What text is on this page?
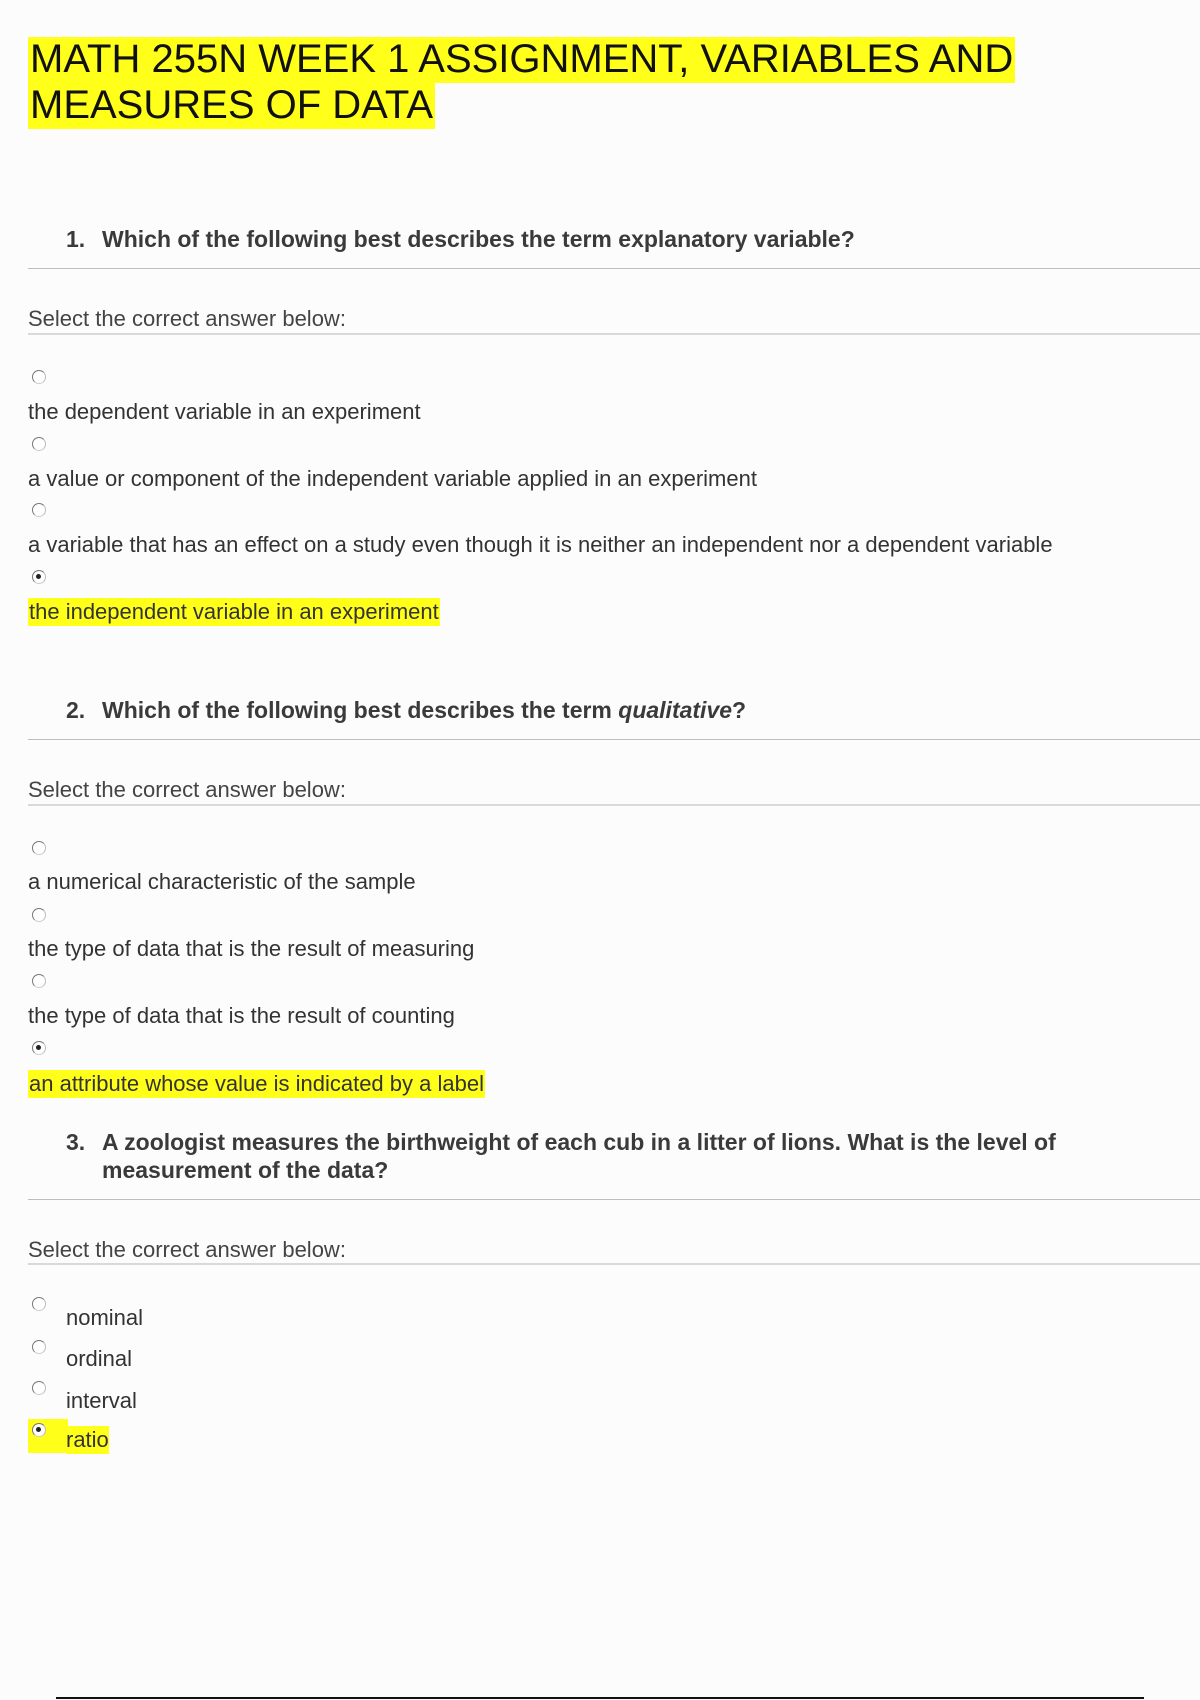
MATH 255N WEEK 1 ASSIGNMENT, VARIABLES AND
MEASURES OF DATA
1. Which of the following best describes the term explanatory variable?
Select the correct answer below:
the dependent variable in an experiment
a value or component of the independent variable applied in an experiment
a variable that has an effect on a study even though it is neither an independent nor a dependent variable
the independent variable in an experiment
2. Which of the following best describes the term qualitative?
Select the correct answer below:
a numerical characteristic of the sample
the type of data that is the result of measuring
the type of data that is the result of counting
an attribute whose value is indicated by a label
3. A zoologist measures the birthweight of each cub in a litter of lions. What is the level of
measurement of the data?
Select the correct answer below:
nominal
ordinal
interval
ratio
